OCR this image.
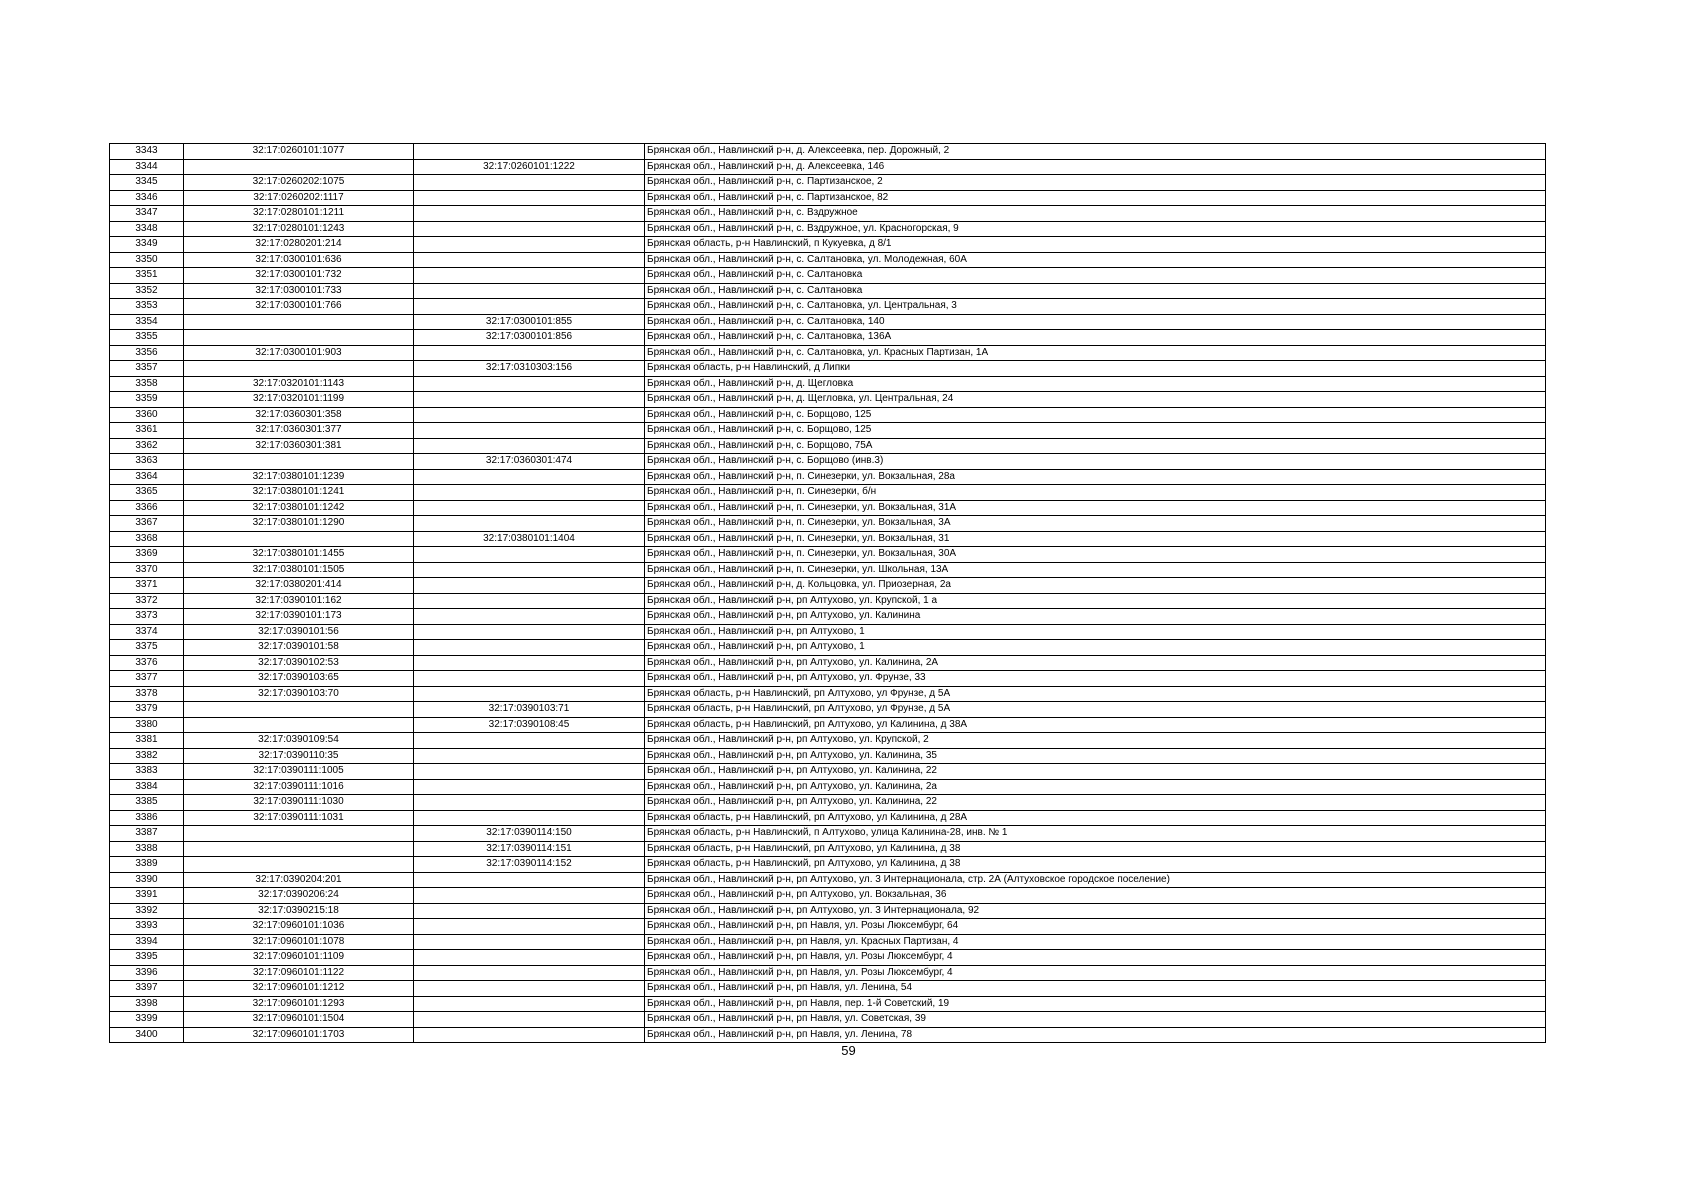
3343	32:17:0260101:1077		Брянская обл., Навлинский р-н, д. Алексеевка, пер. Дорожный, 2
3344		32:17:0260101:1222	Брянская обл., Навлинский р-н, д. Алексеевка, 146
3345	32:17:0260202:1075		Брянская обл., Навлинский р-н, с. Партизанское, 2
3346	32:17:0260202:1117		Брянская обл., Навлинский р-н, с. Партизанское, 82
3347	32:17:0280101:1211		Брянская обл., Навлинский р-н, с. Вздружное
3348	32:17:0280101:1243		Брянская обл., Навлинский р-н, с. Вздружное, ул. Красногорская, 9
3349	32:17:0280201:214		Брянская область, р-н Навлинский, п Кукуевка, д 8/1
3350	32:17:0300101:636		Брянская обл., Навлинский р-н, с. Салтановка, ул. Молодежная, 60А
3351	32:17:0300101:732		Брянская обл., Навлинский р-н, с. Салтановка
3352	32:17:0300101:733		Брянская обл., Навлинский р-н, с. Салтановка
3353	32:17:0300101:766		Брянская обл., Навлинский р-н, с. Салтановка, ул. Центральная, 3
3354		32:17:0300101:855	Брянская обл., Навлинский р-н, с. Салтановка, 140
3355		32:17:0300101:856	Брянская обл., Навлинский р-н, с. Салтановка, 136А
3356	32:17:0300101:903		Брянская обл., Навлинский р-н, с. Салтановка, ул. Красных Партизан, 1А
3357		32:17:0310303:156	Брянская область, р-н Навлинский, д Липки
3358	32:17:0320101:1143		Брянская обл., Навлинский р-н, д. Щегловка
3359	32:17:0320101:1199		Брянская обл., Навлинский р-н, д. Щегловка, ул. Центральная, 24
3360	32:17:0360301:358		Брянская обл., Навлинский р-н, с. Борщово, 125
3361	32:17:0360301:377		Брянская обл., Навлинский р-н, с. Борщово, 125
3362	32:17:0360301:381		Брянская обл., Навлинский р-н, с. Борщово, 75А
3363		32:17:0360301:474	Брянская обл., Навлинский р-н, с. Борщово (инв.3)
3364	32:17:0380101:1239		Брянская обл., Навлинский р-н, п. Синезерки, ул. Вокзальная, 28а
3365	32:17:0380101:1241		Брянская обл., Навлинский р-н, п. Синезерки, б/н
3366	32:17:0380101:1242		Брянская обл., Навлинский р-н, п. Синезерки, ул. Вокзальная, 31А
3367	32:17:0380101:1290		Брянская обл., Навлинский р-н, п. Синезерки, ул. Вокзальная, 3А
3368		32:17:0380101:1404	Брянская обл., Навлинский р-н, п. Синезерки, ул. Вокзальная, 31
3369	32:17:0380101:1455		Брянская обл., Навлинский р-н, п. Синезерки, ул. Вокзальная, 30А
3370	32:17:0380101:1505		Брянская обл., Навлинский р-н, п. Синезерки, ул. Школьная, 13А
3371	32:17:0380201:414		Брянская обл., Навлинский р-н, д. Кольцовка, ул. Приозерная, 2а
3372	32:17:0390101:162		Брянская обл., Навлинский р-н, рп Алтухово, ул. Крупской, 1 а
3373	32:17:0390101:173		Брянская обл., Навлинский р-н, рп Алтухово, ул. Калинина
3374	32:17:0390101:56		Брянская обл., Навлинский р-н, рп Алтухово, 1
3375	32:17:0390101:58		Брянская обл., Навлинский р-н, рп Алтухово, 1
3376	32:17:0390102:53		Брянская обл., Навлинский р-н, рп Алтухово, ул. Калинина, 2А
3377	32:17:0390103:65		Брянская обл., Навлинский р-н, рп Алтухово, ул. Фрунзе, 33
3378	32:17:0390103:70		Брянская область, р-н Навлинский, рп Алтухово, ул Фрунзе, д 5А
3379		32:17:0390103:71	Брянская область, р-н Навлинский, рп Алтухово, ул Фрунзе, д 5А
3380		32:17:0390108:45	Брянская область, р-н Навлинский, рп Алтухово, ул Калинина, д 38А
3381	32:17:0390109:54		Брянская обл., Навлинский р-н, рп Алтухово, ул. Крупской, 2
3382	32:17:0390110:35		Брянская обл., Навлинский р-н, рп Алтухово, ул. Калинина, 35
3383	32:17:0390111:1005		Брянская обл., Навлинский р-н, рп Алтухово, ул. Калинина, 22
3384	32:17:0390111:1016		Брянская обл., Навлинский р-н, рп Алтухово, ул. Калинина, 2а
3385	32:17:0390111:1030		Брянская обл., Навлинский р-н, рп Алтухово, ул. Калинина, 22
3386	32:17:0390111:1031		Брянская область, р-н Навлинский, рп Алтухово, ул Калинина, д 28А
3387		32:17:0390114:150	Брянская область, р-н Навлинский, п Алтухово, улица Калинина-28, инв. № 1
3388		32:17:0390114:151	Брянская область, р-н Навлинский, рп Алтухово, ул Калинина, д 38
3389		32:17:0390114:152	Брянская область, р-н Навлинский, рп Алтухово, ул Калинина, д 38
3390	32:17:0390204:201		Брянская обл., Навлинский р-н, рп Алтухово, ул. 3 Интернационала, стр. 2А (Алтуховское городское поселение)
3391	32:17:0390206:24		Брянская обл., Навлинский р-н, рп Алтухово, ул. Вокзальная, 36
3392	32:17:0390215:18		Брянская обл., Навлинский р-н, рп Алтухово, ул. 3 Интернационала, 92
3393	32:17:0960101:1036		Брянская обл., Навлинский р-н, рп Навля, ул. Розы Люксембург, 64
3394	32:17:0960101:1078		Брянская обл., Навлинский р-н, рп Навля, ул. Красных Партизан, 4
3395	32:17:0960101:1109		Брянская обл., Навлинский р-н, рп Навля, ул. Розы Люксембург, 4
3396	32:17:0960101:1122		Брянская обл., Навлинский р-н, рп Навля, ул. Розы Люксембург, 4
3397	32:17:0960101:1212		Брянская обл., Навлинский р-н, рп Навля, ул. Ленина, 54
3398	32:17:0960101:1293		Брянская обл., Навлинский р-н, рп Навля, пер. 1-й Советский, 19
3399	32:17:0960101:1504		Брянская обл., Навлинский р-н, рп Навля, ул. Советская, 39
3400	32:17:0960101:1703		Брянская обл., Навлинский р-н, рп Навля, ул. Ленина, 78
59
